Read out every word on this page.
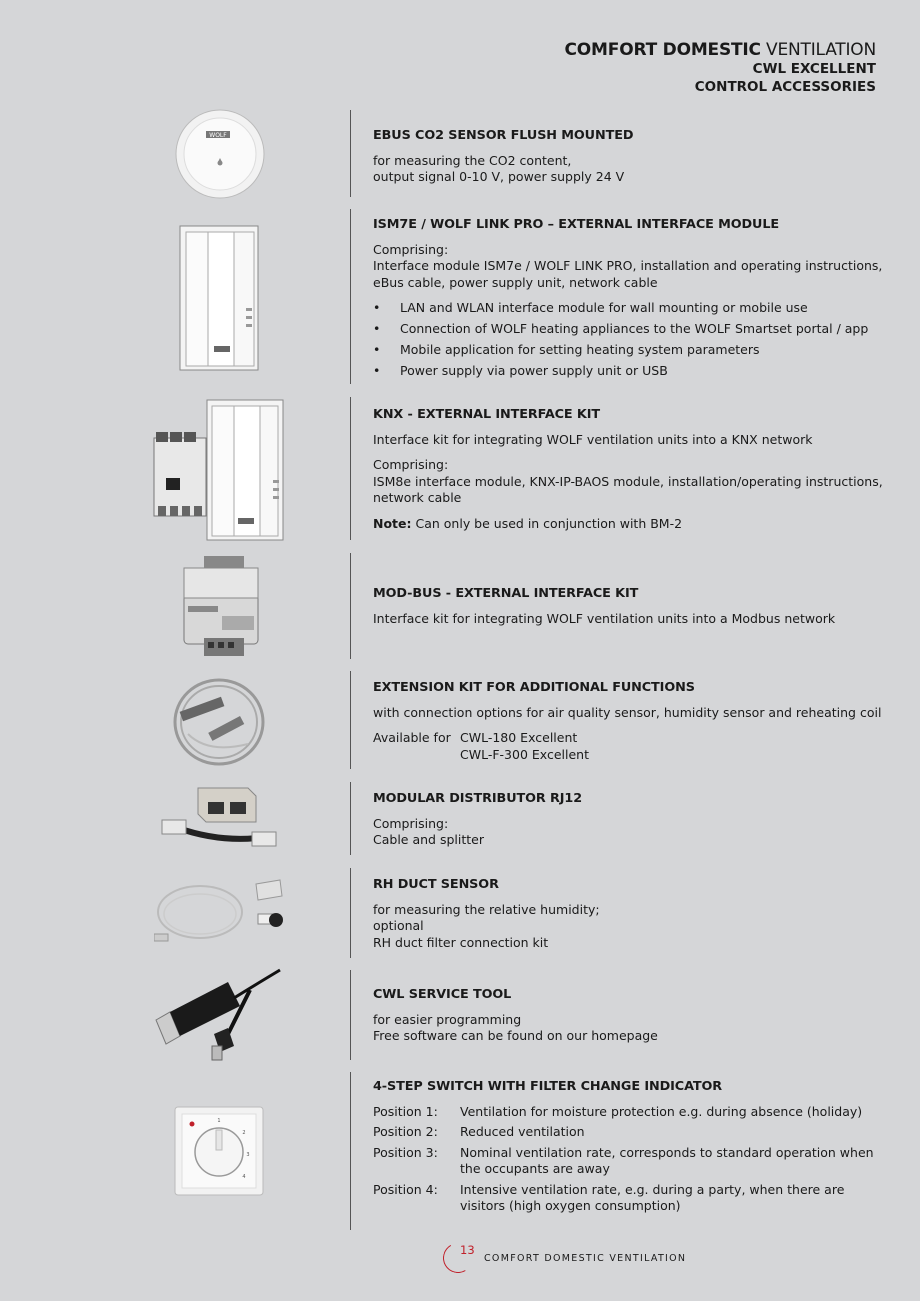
COMFORT DOMESTIC VENTILATION
CWL EXCELLENT
CONTROL ACCESSORIES
WOLF
1
2
3
4
EBUS CO2 SENSOR FLUSH MOUNTED

for measuring the CO2 content,
output signal 0-10 V, power supply 24 V

ISM7E / WOLF LINK PRO – EXTERNAL INTERFACE MODULE

Comprising:
Interface module ISM7e / WOLF LINK PRO, installation and operating instructions,
eBus cable, power supply unit, network cable

• LAN and WLAN interface module for wall mounting or mobile use
• Connection of WOLF heating appliances to the WOLF Smartset portal / app
• Mobile application for setting heating system parameters
• Power supply via power supply unit or USB
KNX - EXTERNAL INTERFACE KIT

Interface kit for integrating WOLF ventilation units into a KNX network

Comprising:
ISM8e interface module, KNX-IP-BAOS module, installation/operating instructions,
network cable

Note: Can only be used in conjunction with BM-2

MOD-BUS - EXTERNAL INTERFACE KIT

Interface kit for integrating WOLF ventilation units into a Modbus network

EXTENSION KIT FOR ADDITIONAL FUNCTIONS

with connection options for air quality sensor, humidity sensor and reheating coil

Available for CWL-180 Excellent
CWL-F-300 Excellent
MODULAR DISTRIBUTOR RJ12

Comprising:
Cable and splitter

RH DUCT SENSOR

for measuring the relative humidity;
optional
RH duct filter connection kit

CWL SERVICE TOOL

for easier programming
Free software can be found on our homepage

4-STEP SWITCH WITH FILTER CHANGE INDICATOR
Position 1:	Ventilation for moisture protection e.g. during absence (holiday)
Position 2:	Reduced ventilation
Position 3:	Nominal ventilation rate, corresponds to standard operation when the occupants are away
Position 4:	Intensive ventilation rate, e.g. during a party, when there are visitors (high oxygen consumption)
13
COMFORT DOMESTIC VENTILATION
